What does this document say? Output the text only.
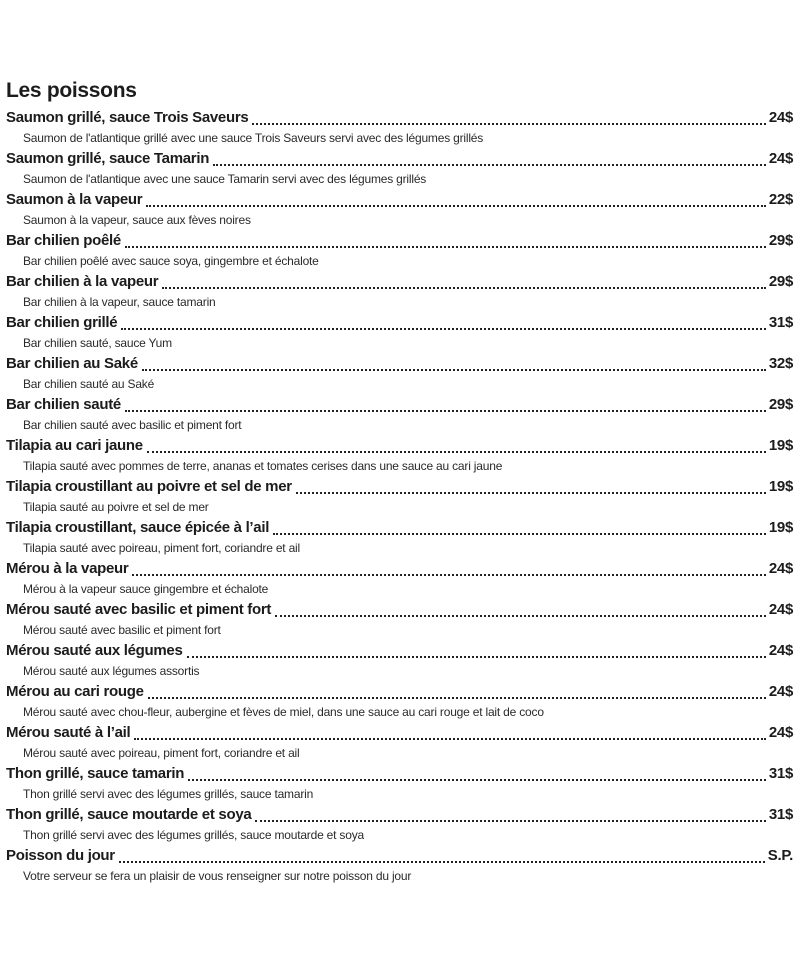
Les poissons
Saumon grillé, sauce Trois Saveurs	24$
Saumon de l'atlantique grillé avec une sauce Trois Saveurs servi avec des légumes grillés
Saumon grillé, sauce Tamarin	24$
Saumon de l'atlantique avec une sauce Tamarin servi avec des légumes grillés
Saumon à la vapeur	22$
Saumon à la vapeur, sauce aux fèves noires
Bar chilien poêlé	29$
Bar chilien poêlé avec sauce soya, gingembre et échalote
Bar chilien à la vapeur	29$
Bar chilien à la vapeur, sauce tamarin
Bar chilien grillé	31$
Bar chilien sauté, sauce Yum
Bar chilien au Saké	32$
Bar chilien sauté au Saké
Bar chilien sauté	29$
Bar chilien sauté avec basilic et piment fort
Tilapia au cari jaune	19$
Tilapia sauté avec pommes de terre, ananas et tomates cerises dans une sauce au cari jaune
Tilapia croustillant au poivre et sel de mer	19$
Tilapia sauté au poivre et sel de mer
Tilapia croustillant, sauce épicée à l’ail	19$
Tilapia sauté avec poireau, piment fort, coriandre et ail
Mérou à la vapeur	24$
Mérou à la vapeur sauce gingembre et échalote
Mérou sauté avec basilic et piment fort	24$
Mérou sauté avec basilic et piment fort
Mérou sauté aux légumes	24$
Mérou sauté aux légumes assortis
Mérou au cari rouge	24$
Mérou sauté avec chou-fleur, aubergine et fèves de miel, dans une sauce au cari rouge et lait de coco
Mérou sauté à l’ail	24$
Mérou sauté avec poireau, piment fort, coriandre et ail
Thon grillé, sauce tamarin	31$
Thon grillé servi avec des légumes grillés, sauce tamarin
Thon grillé, sauce moutarde et soya	31$
Thon grillé servi avec des légumes grillés, sauce moutarde et soya
Poisson du jour	S.P.
Votre serveur se fera un plaisir de vous renseigner sur notre poisson du jour
